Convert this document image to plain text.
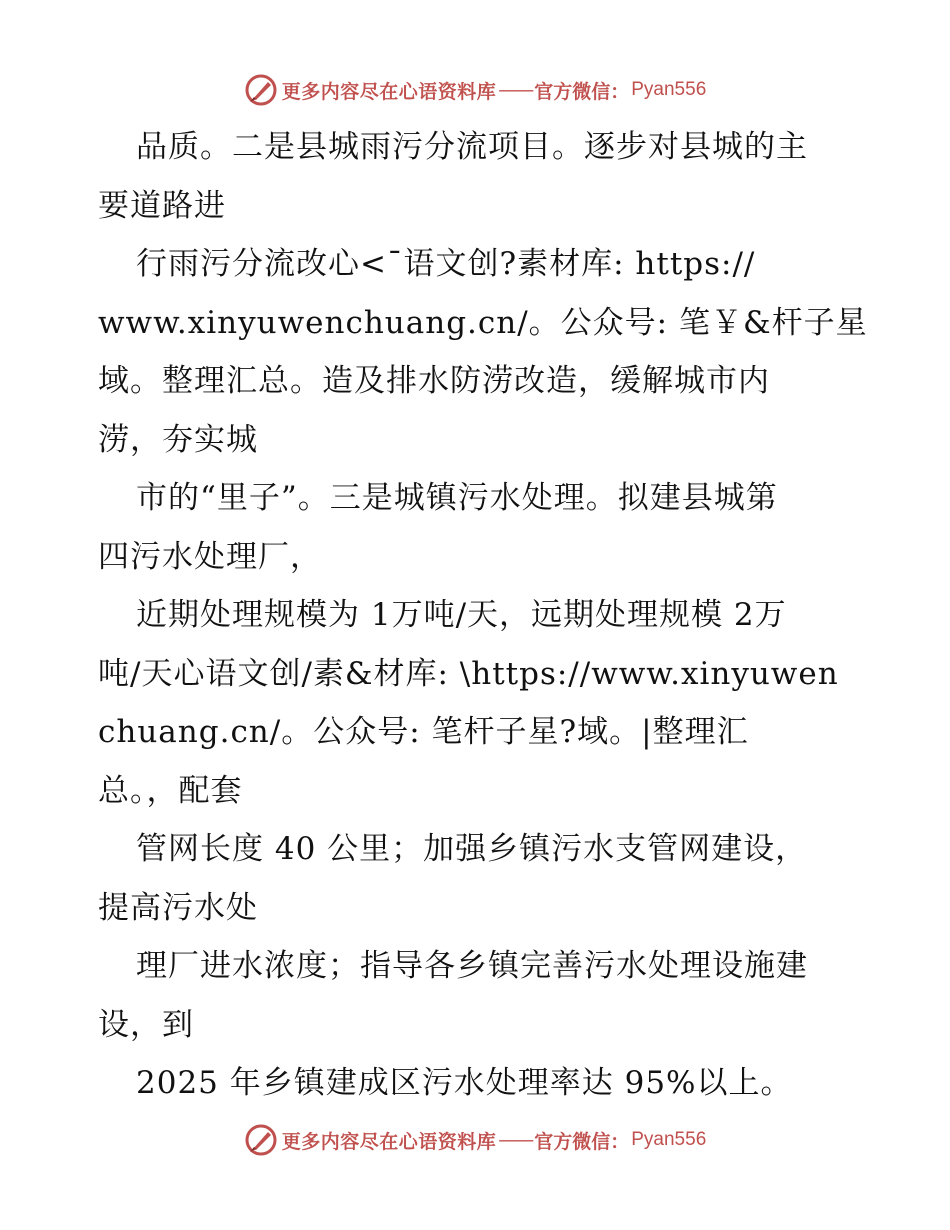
更多内容尽在心语资料库 —— 官方微信： Pyan556
品质。二是县城雨污分流项目。逐步对县城的主
要道路进
行雨污分流改心<¯语文创?素材库: https://
www.xinyuwenchuang.cn/。公众号: 笔￥&杆子星
域。整理汇总。造及排水防涝改造，缓解城市内
涝，夯实城
市的“里子”。三是城镇污水处理。拟建县城第
四污水处理厂，
近期处理规模为 1万吨/天，远期处理规模 2万
吨/天心语文创/素&材库: \https://www.xinyuwen
chuang.cn/。公众号: 笔杆子星?域。|整理汇
总。，配套
管网长度 40 公里；加强乡镇污水支管网建设，
提高污水处
理厂进水浓度；指导各乡镇完善污水处理设施建
设，到
2025 年乡镇建成区污水处理率达 95%以上。
更多内容尽在心语资料库 —— 官方微信： Pyan556
